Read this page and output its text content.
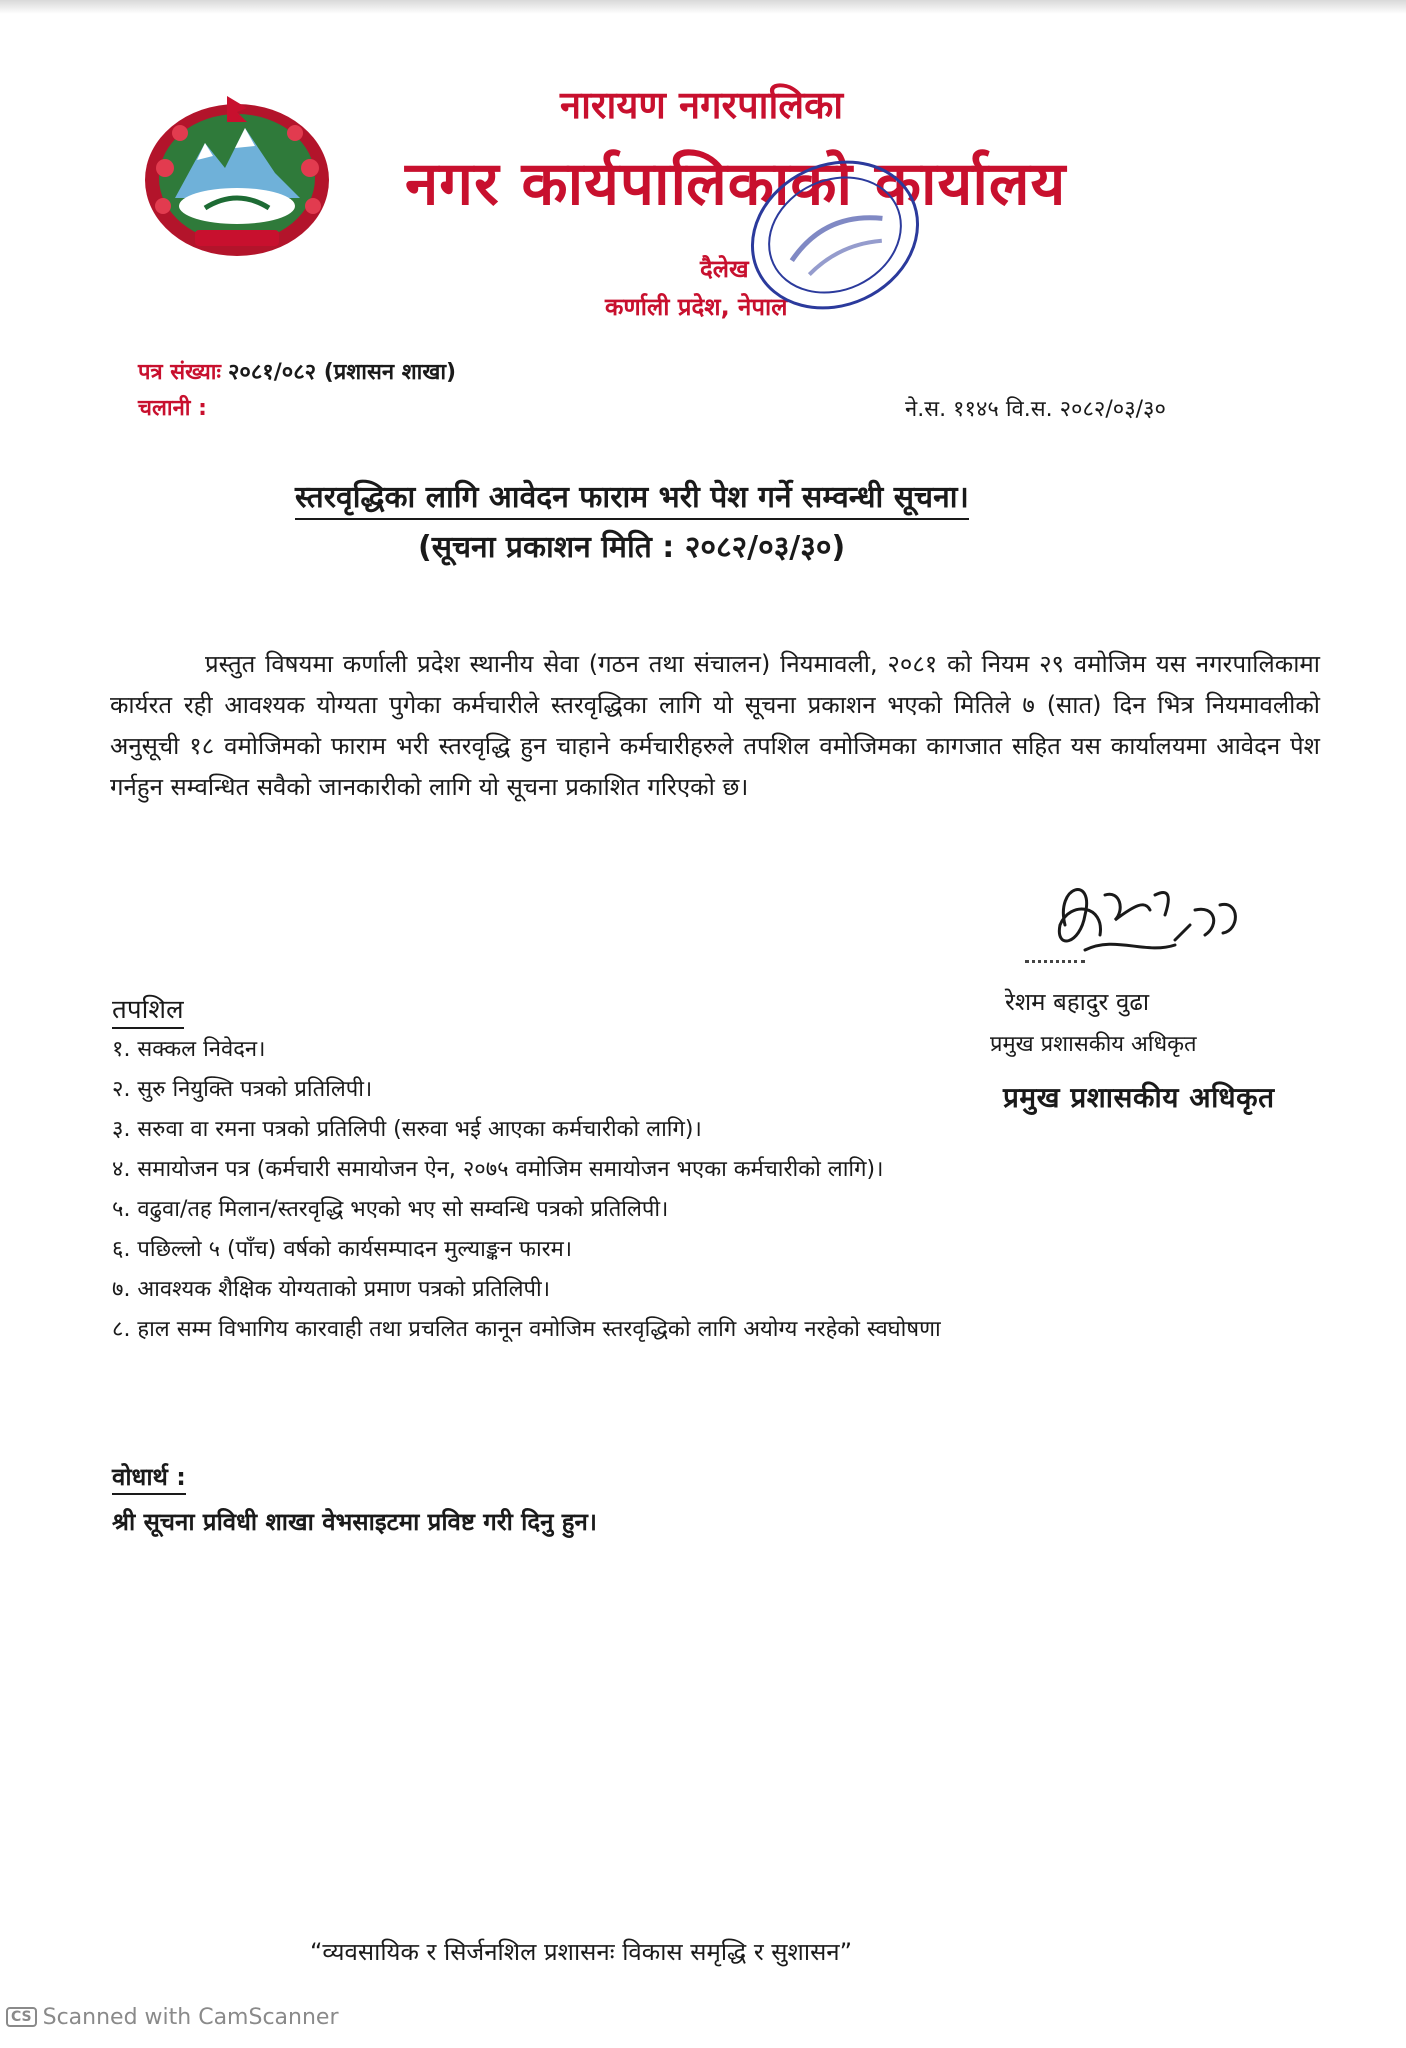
नारायण नगरपालिका
नगर कार्यपालिकाको कार्यालय
दैलेख
कर्णाली प्रदेश, नेपाल
पत्र संख्याः २०८१/०८२ (प्रशासन शाखा)
चलानी :	ने.स. ११४५ वि.स. २०८२/०३/३०
स्तरवृद्धिका लागि आवेदन फाराम भरी पेश गर्ने सम्वन्धी सूचना।
(सूचना प्रकाशन मिति : २०८२/०३/३०)

प्रस्तुत विषयमा कर्णाली प्रदेश स्थानीय सेवा (गठन तथा संचालन) नियमावली, २०८१ को नियम २९ वमोजिम यस नगरपालिकामा कार्यरत रही आवश्यक योग्यता पुगेका कर्मचारीले स्तरवृद्धिका लागि यो सूचना प्रकाशन भएको मितिले ७ (सात) दिन भित्र नियमावलीको अनुसूची १८ वमोजिमको फाराम भरी स्तरवृद्धि हुन चाहाने कर्मचारीहरुले तपशिल वमोजिमका कागजात सहित यस कार्यालयमा आवेदन पेश गर्नहुन सम्वन्धित सवैको जानकारीको लागि यो सूचना प्रकाशित गरिएको छ।

रेशम बहादुर वुढा
प्रमुख प्रशासकीय अधिकृत
प्रमुख प्रशासकीय अधिकृत
तपशिल
१. सक्कल निवेदन।
२. सुरु नियुक्ति पत्रको प्रतिलिपी।
३. सरुवा वा रमना पत्रको प्रतिलिपी (सरुवा भई आएका कर्मचारीको लागि)।
४. समायोजन पत्र (कर्मचारी समायोजन ऐन, २०७५ वमोजिम समायोजन भएका कर्मचारीको लागि)।
५. वढुवा/तह मिलान/स्तरवृद्धि भएको भए सो सम्वन्धि पत्रको प्रतिलिपी।
६. पछिल्लो ५ (पाँच) वर्षको कार्यसम्पादन मुल्याङ्कन फारम।
७. आवश्यक शैक्षिक योग्यताको प्रमाण पत्रको प्रतिलिपी।
८. हाल सम्म विभागिय कारवाही तथा प्रचलित कानून वमोजिम स्तरवृद्धिको लागि अयोग्य नरहेको स्वघोषणा
वोधार्थ :
श्री सूचना प्रविधी शाखा वेभसाइटमा प्रविष्ट गरी दिनु हुन।
“व्यवसायिक र सिर्जनशिल प्रशासनः विकास समृद्धि र सुशासन”
CS Scanned with CamScanner
